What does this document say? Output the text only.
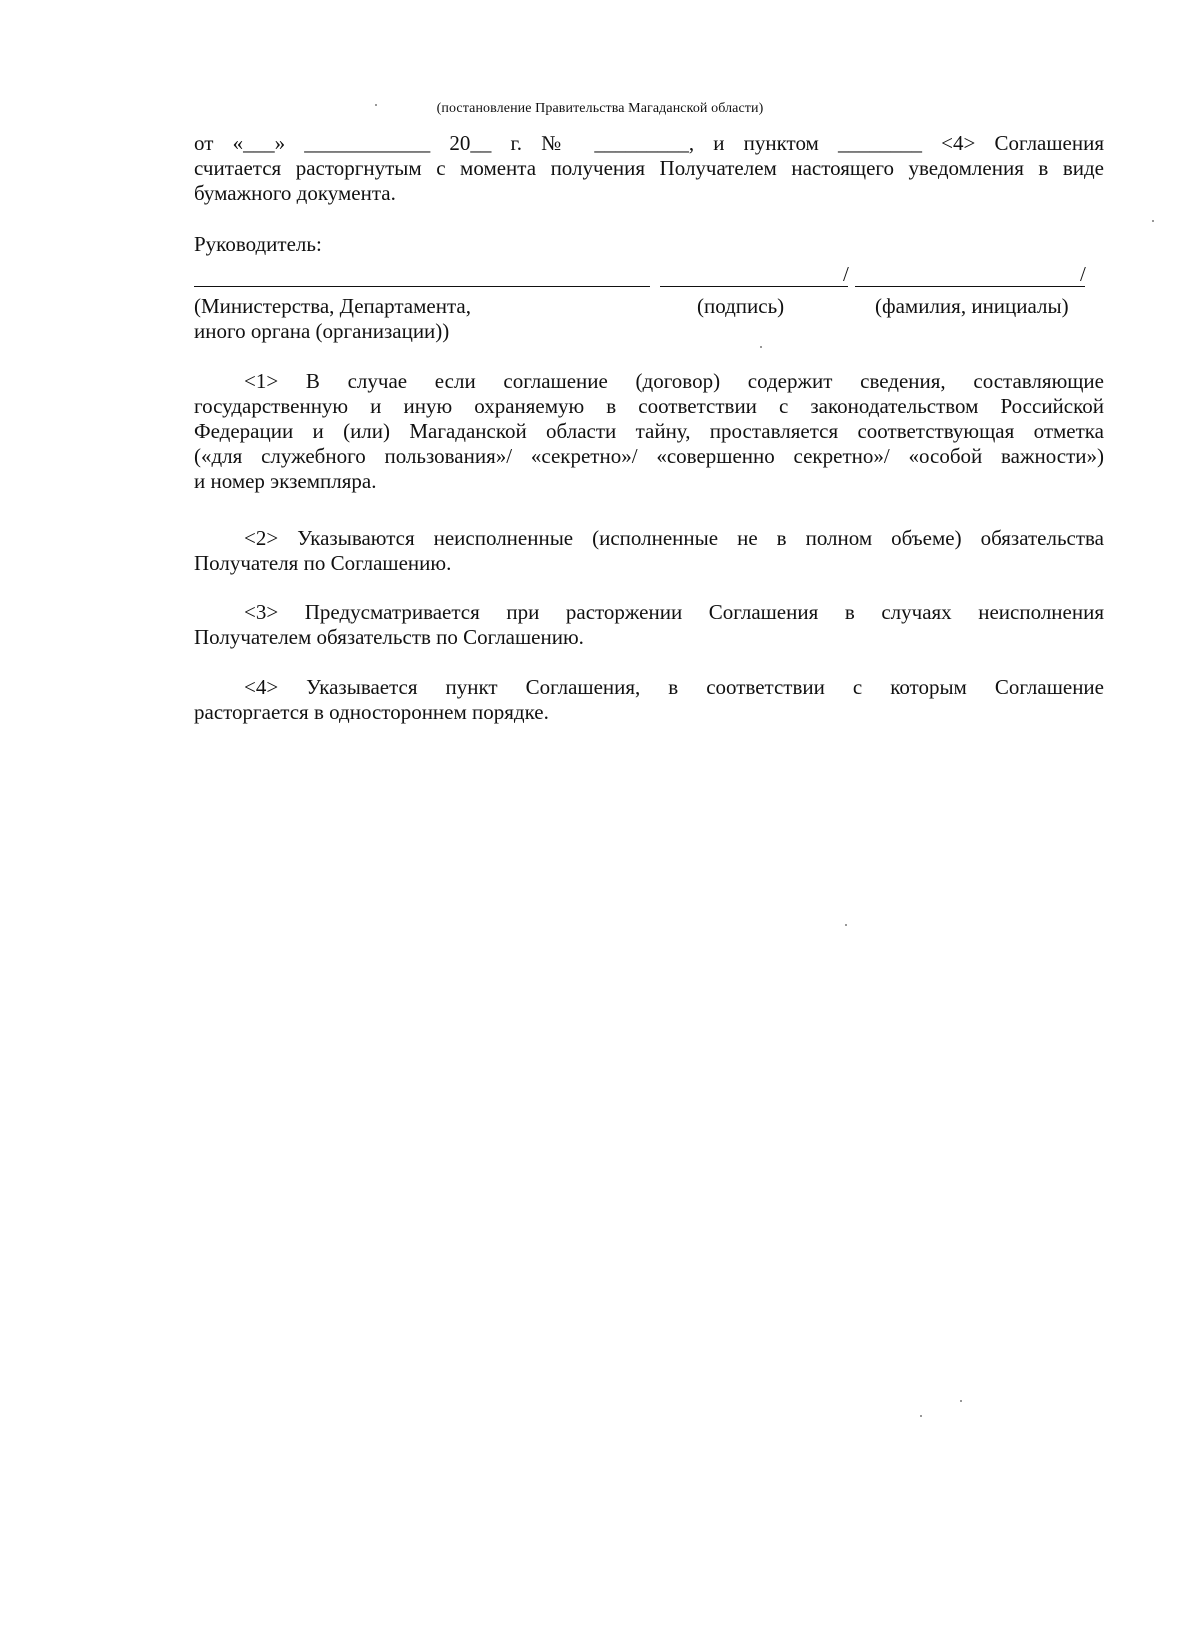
(постановление Правительства Магаданской области)
от «___» ____________ 20__ г. № _________, и пунктом ________ <4> Соглашения
считается расторгнутым с момента получения Получателем настоящего уведомления в виде
бумажного документа.
Руководитель:
/	/
(Министерства, Департамента,
иного органа (организации))
(подпись)	(фамилия, инициалы)
<1> В случае если соглашение (договор) содержит сведения, составляющие
государственную и иную охраняемую в соответствии с законодательством Российской
Федерации и (или) Магаданской области тайну, проставляется соответствующая отметка
(«для служебного пользования»/ «секретно»/ «совершенно секретно»/ «особой важности»)
и номер экземпляра.
<2> Указываются неисполненные (исполненные не в полном объеме) обязательства
Получателя по Соглашению.
<3> Предусматривается при расторжении Соглашения в случаях неисполнения
Получателем обязательств по Соглашению.
<4> Указывается пункт Соглашения, в соответствии с которым Соглашение
расторгается в одностороннем порядке.
